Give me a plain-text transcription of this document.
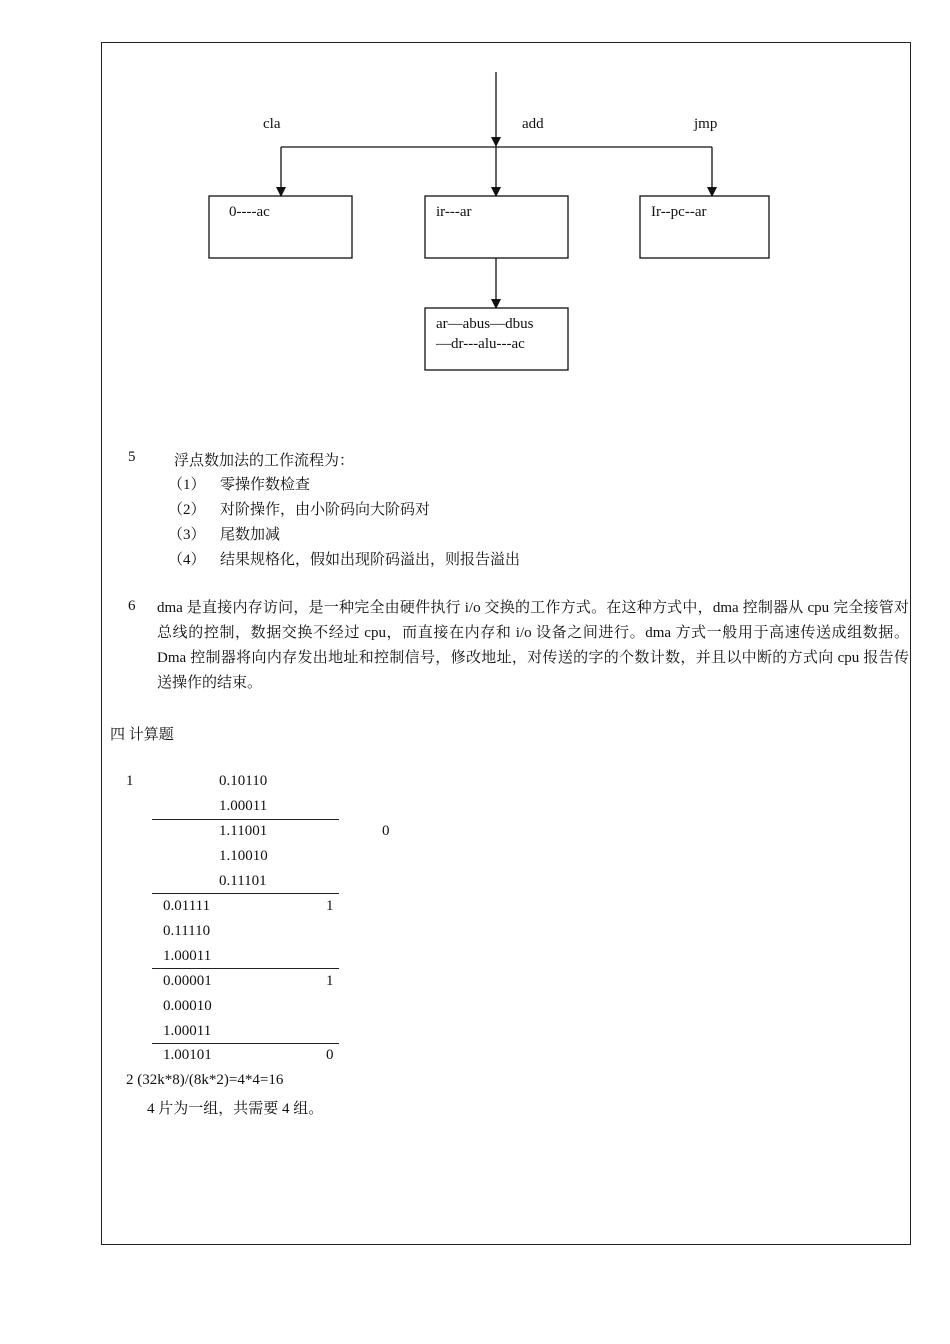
cla	add	jmp
0----ac	ir---ar	Ir--pc--ar
ar—abus—dbus
—dr---alu---ac
5	浮点数加法的工作流程为：
（1） 零操作数检查
（2） 对阶操作，由小阶码向大阶码对
（3） 尾数加减
（4） 结果规格化，假如出现阶码溢出，则报告溢出
6 dma 是直接内存访问，是一种完全由硬件执行 i/o 交换的工作方式。在这种方式中，dma 控制器从 cpu 完全接管对总线的控制，数据交换不经过 cpu，而直接在内存和 i/o 设备之间进行。dma 方式一般用于高速传送成组数据。Dma 控制器将向内存发出地址和控制信号，修改地址，对传送的字的个数计数，并且以中断的方式向 cpu 报告传送操作的结束。
四 计算题
1	0.10110
1.00011
1.11001	0
1.10010
0.11101
0.01111	1
0.11110
1.00011
0.00001	1
0.00010
1.00011
1.00101	0
2 (32k*8)/(8k*2)=4*4=16
4 片为一组，共需要 4 组。
